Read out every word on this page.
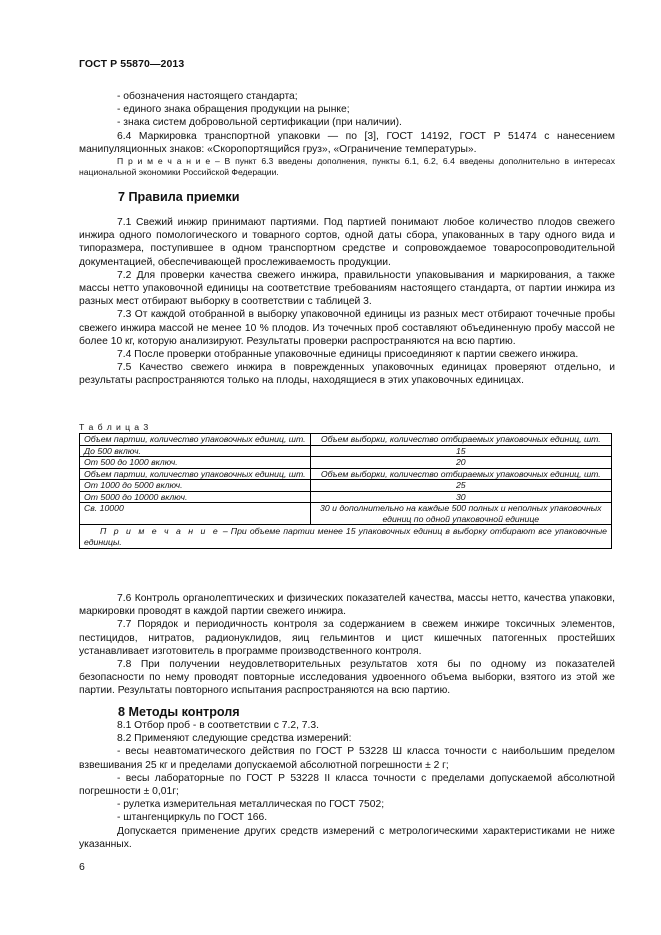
ГОСТ Р 55870—2013

- обозначения настоящего стандарта;

- единого знака обращения продукции на рынке;

- знака систем добровольной сертификации (при наличии).

6.4 Маркировка транспортной упаковки — по [3], ГОСТ 14192, ГОСТ Р 51474 с нанесением манипуляционных знаков: «Скоропортящийся груз», «Ограничение температуры».

П р и м е ч а н и е – В пункт 6.3 введены дополнения, пункты 6.1, 6.2, 6.4 введены дополнительно в интересах национальной экономики Российской Федерации.

7 Правила приемки

7.1 Свежий инжир принимают партиями. Под партией понимают любое количество плодов свежего инжира одного помологического и товарного сортов, одной даты сбора, упакованных в тару одного вида и типоразмера, поступившее в одном транспортном средстве и сопровождаемое товаросопроводительной документацией, обеспечивающей прослеживаемость продукции.

7.2 Для проверки качества свежего инжира, правильности упаковывания и маркирования, а также массы нетто упаковочной единицы на соответствие требованиям настоящего стандарта, от партии инжира из разных мест отбирают выборку в соответствии с таблицей 3.

7.3 От каждой отобранной в выборку упаковочной единицы из разных мест отбирают точечные пробы свежего инжира массой не менее 10 % плодов. Из точечных проб составляют объединенную пробу массой не более 10 кг, которую анализируют. Результаты проверки распространяются на всю партию.

7.4 После проверки отобранные упаковочные единицы присоединяют к партии свежего инжира.

7.5 Качество свежего инжира в поврежденных упаковочных единицах проверяют отдельно, и результаты распространяются только на плоды, находящиеся в этих упаковочных единицах.

Т а б л и ц а 3
Объем партии, количество упаковочных единиц, шт.	Объем выборки, количество отбираемых упаковочных единиц, шт.
До 500 включ.	15
От 500 до 1000 включ.	20
Объем партии, количество упаковочных единиц, шт.	Объем выборки, количество отбираемых упаковочных единиц, шт.
От 1000 до 5000 включ.	25
От 5000 до 10000 включ.	30
Св. 10000	30 и дополнительно на каждые 500 полных и неполных упаковочных единиц по одной упаковочной единице
П р и м е ч а н и е – При объеме партии менее 15 упаковочных единиц в выборку отбирают все упаковочные единицы.	

7.6 Контроль органолептических и физических показателей качества, массы нетто, качества упаковки, маркировки проводят в каждой партии свежего инжира.

7.7 Порядок и периодичность контроля за содержанием в свежем инжире токсичных элементов, пестицидов, нитратов, радионуклидов, яиц гельминтов и цист кишечных патогенных простейших устанавливает изготовитель в программе производственного контроля.

7.8 При получении неудовлетворительных результатов хотя бы по одному из показателей безопасности по нему проводят повторные исследования удвоенного объема выборки, взятого из этой же партии. Результаты повторного испытания распространяются на всю партию.

8 Методы контроля

8.1 Отбор проб - в соответствии с 7.2, 7.3.

8.2 Применяют следующие средства измерений:

- весы неавтоматического действия по ГОСТ Р 53228 Ш класса точности с наибольшим пределом взвешивания 25 кг и пределами допускаемой абсолютной погрешности ± 2 г;

- весы лабораторные по ГОСТ Р 53228 II класса точности с пределами допускаемой абсолютной погрешности ± 0,01г;

- рулетка измерительная металлическая по ГОСТ 7502;

- штангенциркуль по ГОСТ 166.

Допускается применение других средств измерений с метрологическими характеристиками не ниже указанных.

6
